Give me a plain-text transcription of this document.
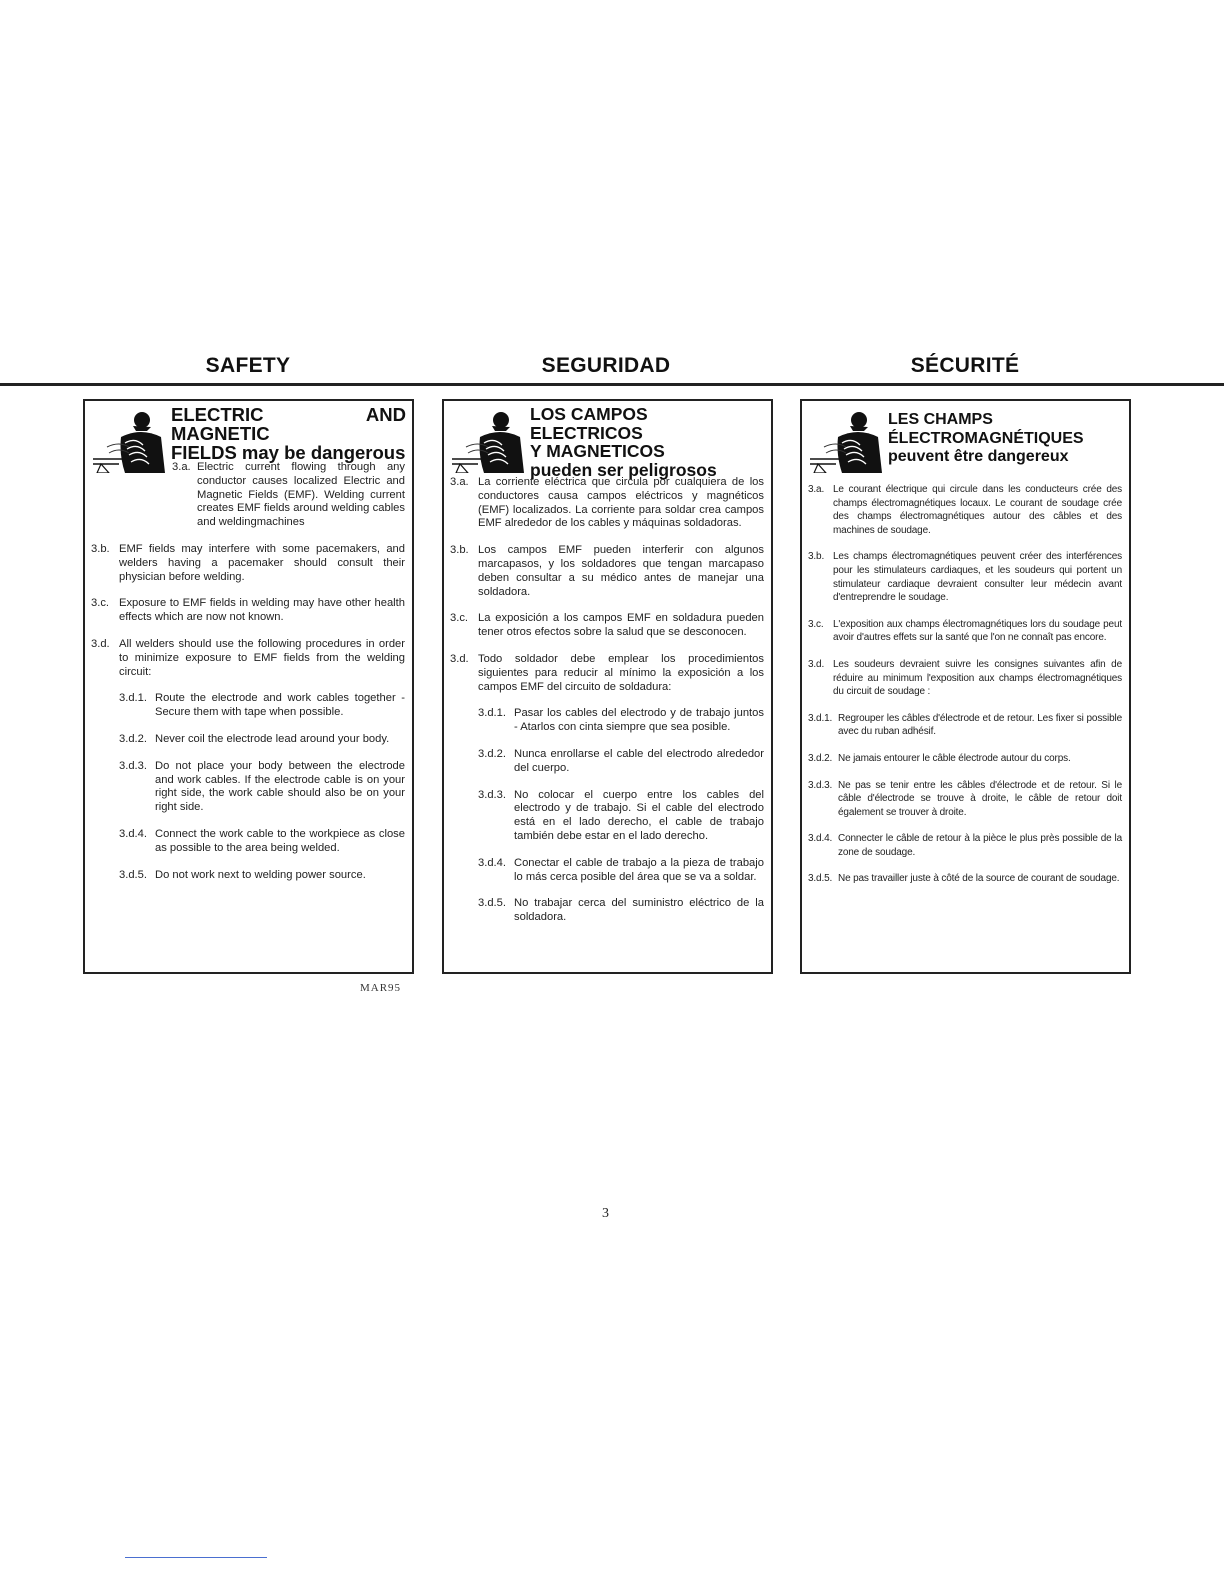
SAFETY	SEGURIDAD	SÉCURITÉ
ELECTRIC AND MAGNETIC
FIELDS may be dangerous
3.a. Electric current flowing through any conductor causes localized Electric and Magnetic Fields (EMF). Welding current creates EMF fields around welding cables and weldingmachines
3.b. EMF fields may interfere with some pacemakers, and welders having a pacemaker should consult their physician before welding.
3.c. Exposure to EMF fields in welding may have other health effects which are now not known.
3.d. All welders should use the following procedures in order to minimize exposure to EMF fields from the welding circuit:
3.d.1. Route the electrode and work cables together - Secure them with tape when possible.
3.d.2. Never coil the electrode lead around your body.
3.d.3. Do not place your body between the electrode and work cables. If the electrode cable is on your right side, the work cable should also be on your right side.
3.d.4. Connect the work cable to the workpiece as close as possible to the area being welded.
3.d.5. Do not work next to welding power source.
LOS CAMPOS ELECTRICOS
Y MAGNETICOS
pueden ser peligrosos
3.a. La corriente eléctrica que circula por cualquiera de los conductores causa campos eléctricos y magnéticos (EMF) localizados. La corriente para soldar crea campos EMF alrededor de los cables y máquinas soldadoras.
3.b. Los campos EMF pueden interferir con algunos marcapasos, y los soldadores que tengan marcapaso deben consultar a su médico antes de manejar una soldadora.
3.c. La exposición a los campos EMF en soldadura pueden tener otros efectos sobre la salud que se desconocen.
3.d. Todo soldador debe emplear los procedimientos siguientes para reducir al mínimo la exposición a los campos EMF del circuito de soldadura:
3.d.1. Pasar los cables del electrodo y de trabajo juntos - Atarlos con cinta siempre que sea posible.
3.d.2. Nunca enrollarse el cable del electrodo alrededor del cuerpo.
3.d.3. No colocar el cuerpo entre los cables del electrodo y de trabajo. Si el cable del electrodo está en el lado derecho, el cable de trabajo también debe estar en el lado derecho.
3.d.4. Conectar el cable de trabajo a la pieza de trabajo lo más cerca posible del área que se va a soldar.
3.d.5. No trabajar cerca del suministro eléctrico de la soldadora.
LES CHAMPS
ÉLECTROMAGNÉTIQUES
peuvent être dangereux
3.a. Le courant électrique qui circule dans les conducteurs crée des champs électromagnétiques locaux. Le courant de soudage crée des champs électromagnétiques autour des câbles et des machines de soudage.
3.b. Les champs électromagnétiques peuvent créer des interférences pour les stimulateurs cardiaques, et les soudeurs qui portent un stimulateur cardiaque devraient consulter leur médecin avant d'entreprendre le soudage.
3.c. L'exposition aux champs électromagnétiques lors du soudage peut avoir d'autres effets sur la santé que l'on ne connaît pas encore.
3.d. Les soudeurs devraient suivre les consignes suivantes afin de réduire au minimum l'exposition aux champs électromagnétiques du circuit de soudage :
3.d.1. Regrouper les câbles d'électrode et de retour. Les fixer si possible avec du ruban adhésif.
3.d.2. Ne jamais entourer le câble électrode autour du corps.
3.d.3. Ne pas se tenir entre les câbles d'électrode et de retour. Si le câble d'électrode se trouve à droite, le câble de retour doit également se trouver à droite.
3.d.4. Connecter le câble de retour à la pièce le plus près possible de la zone de soudage.
3.d.5. Ne pas travailler juste à côté de la source de courant de soudage.
MAR95
3
